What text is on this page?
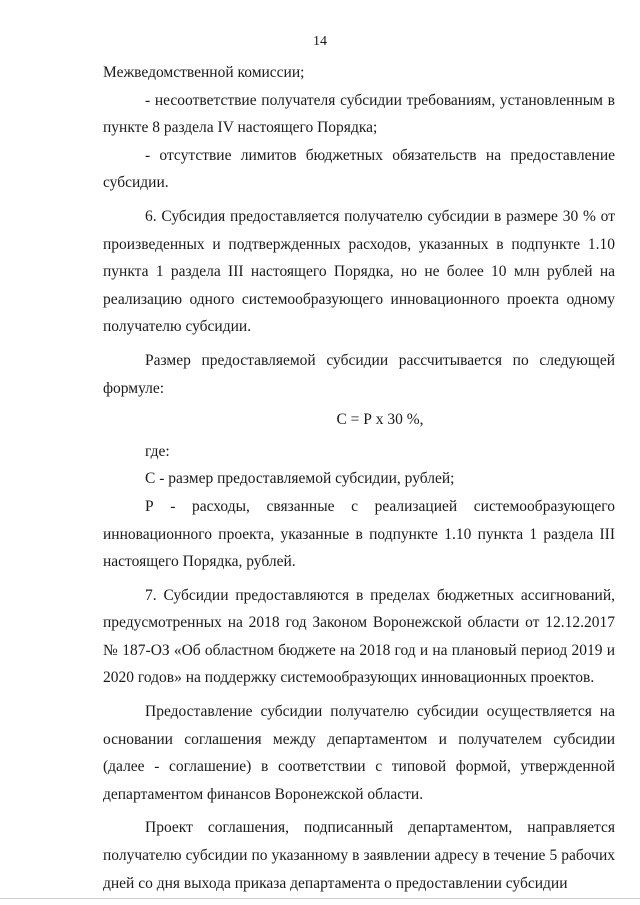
14

Межведомственной комиссии;

- несоответствие получателя субсидии требованиям, установленным в пункте 8 раздела IV настоящего Порядка;

- отсутствие лимитов бюджетных обязательств на предоставление субсидии.

6. Субсидия предоставляется получателю субсидии в размере 30 % от произведенных и подтвержденных расходов, указанных в подпункте 1.10 пункта 1 раздела III настоящего Порядка, но не более 10 млн рублей на реализацию одного системообразующего инновационного проекта одному получателю субсидии.

Размер предоставляемой субсидии рассчитывается по следующей формуле:

С = Р х 30 %,

где:

С - размер предоставляемой субсидии, рублей;

Р - расходы, связанные с реализацией системообразующего инновационного проекта, указанные в подпункте 1.10 пункта 1 раздела III настоящего Порядка, рублей.

7. Субсидии предоставляются в пределах бюджетных ассигнований, предусмотренных на 2018 год Законом Воронежской области от 12.12.2017 № 187-ОЗ «Об областном бюджете на 2018 год и на плановый период 2019 и 2020 годов» на поддержку системообразующих инновационных проектов.

Предоставление субсидии получателю субсидии осуществляется на основании соглашения между департаментом и получателем субсидии (далее - соглашение) в соответствии с типовой формой, утвержденной департаментом финансов Воронежской области.

Проект соглашения, подписанный департаментом, направляется получателю субсидии по указанному в заявлении адресу в течение 5 рабочих дней со дня выхода приказа департамента о предоставлении субсидии
